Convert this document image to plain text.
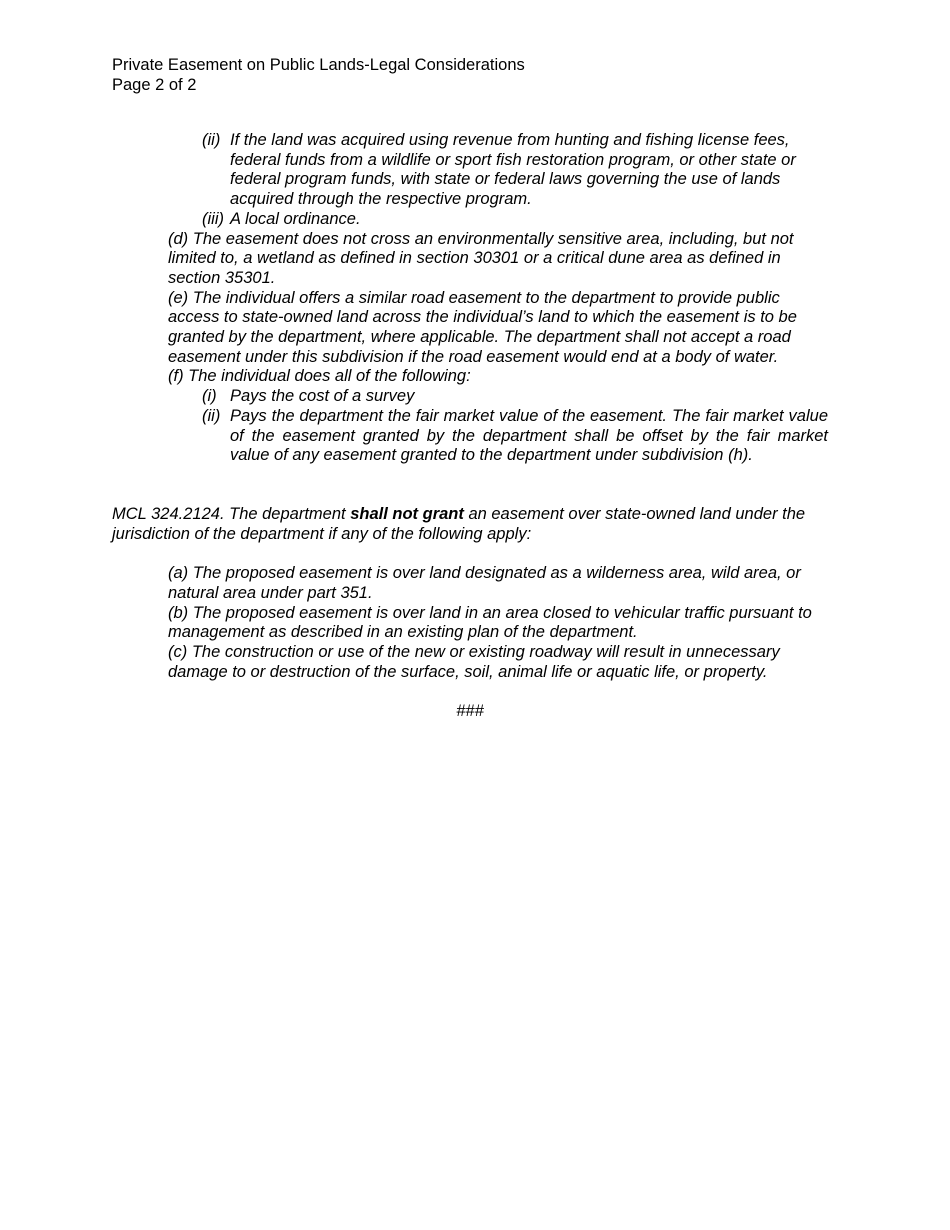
Private Easement on Public Lands-Legal Considerations
Page 2 of 2
(ii) If the land was acquired using revenue from hunting and fishing license fees, federal funds from a wildlife or sport fish restoration program, or other state or federal program funds, with state or federal laws governing the use of lands acquired through the respective program.
(iii) A local ordinance.
(d) The easement does not cross an environmentally sensitive area, including, but not limited to, a wetland as defined in section 30301 or a critical dune area as defined in section 35301.
(e) The individual offers a similar road easement to the department to provide public access to state-owned land across the individual’s land to which the easement is to be granted by the department, where applicable. The department shall not accept a road easement under this subdivision if the road easement would end at a body of water.
(f) The individual does all of the following:
(i) Pays the cost of a survey
(ii) Pays the department the fair market value of the easement. The fair market value of the easement granted by the department shall be offset by the fair market value of any easement granted to the department under subdivision (h).
MCL 324.2124. The department shall not grant an easement over state-owned land under the jurisdiction of the department if any of the following apply:
(a) The proposed easement is over land designated as a wilderness area, wild area, or natural area under part 351.
(b) The proposed easement is over land in an area closed to vehicular traffic pursuant to management as described in an existing plan of the department.
(c) The construction or use of the new or existing roadway will result in unnecessary damage to or destruction of the surface, soil, animal life or aquatic life, or property.
###
